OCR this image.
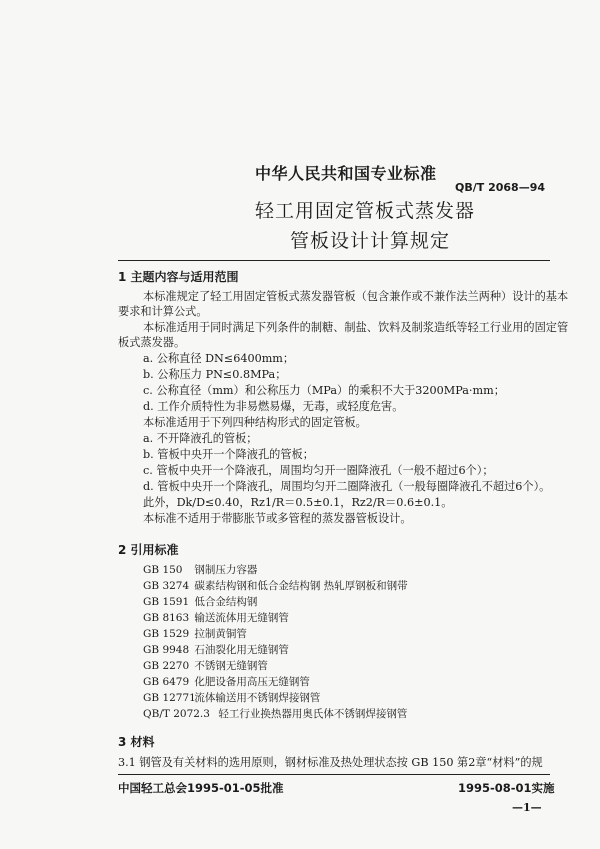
中华人民共和国专业标准
QB/T 2068—94
轻工用固定管板式蒸发器
管板设计计算规定
1 主题内容与适用范围
本标准规定了轻工用固定管板式蒸发器管板（包含兼作或不兼作法兰两种）设计的基本
要求和计算公式。
本标准适用于同时满足下列条件的制糖、制盐、饮料及制浆造纸等轻工行业用的固定管
板式蒸发器。
a. 公称直径 DN≤6400mm；
b. 公称压力 PN≤0.8MPa；
c. 公称直径（mm）和公称压力（MPa）的乘积不大于3200MPa·mm；
d. 工作介质特性为非易燃易爆，无毒，或轻度危害。
本标准适用于下列四种结构形式的固定管板。
a. 不开降液孔的管板；
b. 管板中央开一个降液孔的管板；
c. 管板中央开一个降液孔，周围均匀开一圈降液孔（一般不超过6个）；
d. 管板中央开一个降液孔，周围均匀开二圈降液孔（一般每圈降液孔不超过6个）。
此外，Dk/D≤0.40，Rz1/R＝0.5±0.1，Rz2/R＝0.6±0.1。
本标准不适用于带膨胀节或多管程的蒸发器管板设计。
2 引用标准
GB 150 钢制压力容器
GB 3274 碳素结构钢和低合金结构钢 热轧厚钢板和钢带
GB 1591 低合金结构钢
GB 8163 输送流体用无缝钢管
GB 1529 拉制黄铜管
GB 9948 石油裂化用无缝钢管
GB 2270 不锈钢无缝钢管
GB 6479 化肥设备用高压无缝钢管
GB 12771 流体输送用不锈钢焊接钢管
QB/T 2072.3 轻工行业换热器用奥氏体不锈钢焊接钢管
3 材料
3.1 钢管及有关材料的选用原则，钢材标准及热处理状态按 GB 150 第2章“材料”的规
中国轻工总会1995-01-05批准	1995-08-01实施
—1—
